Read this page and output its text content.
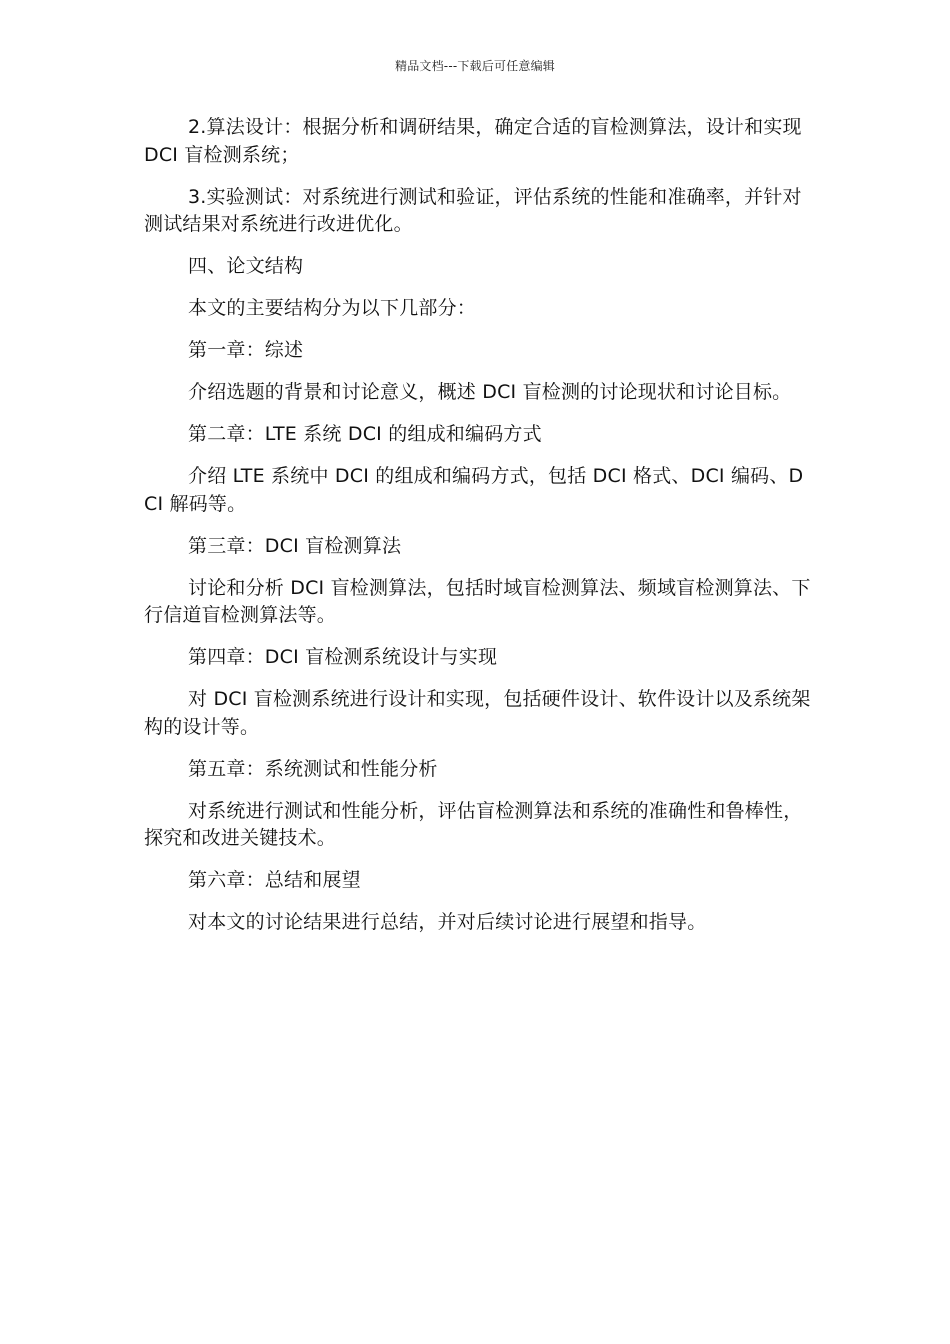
精品文档---下载后可任意编辑

2.算法设计：根据分析和调研结果，确定合适的盲检测算法，设计和实现 DCI 盲检测系统；

3.实验测试：对系统进行测试和验证，评估系统的性能和准确率，并针对测试结果对系统进行改进优化。

四、论文结构

本文的主要结构分为以下几部分：

第一章：综述

介绍选题的背景和讨论意义，概述 DCI 盲检测的讨论现状和讨论目标。

第二章：LTE 系统 DCI 的组成和编码方式

介绍 LTE 系统中 DCI 的组成和编码方式，包括 DCI 格式、DCI 编码、DCI 解码等。

第三章：DCI 盲检测算法

讨论和分析 DCI 盲检测算法，包括时域盲检测算法、频域盲检测算法、下行信道盲检测算法等。

第四章：DCI 盲检测系统设计与实现

对 DCI 盲检测系统进行设计和实现，包括硬件设计、软件设计以及系统架构的设计等。

第五章：系统测试和性能分析

对系统进行测试和性能分析，评估盲检测算法和系统的准确性和鲁棒性，探究和改进关键技术。

第六章：总结和展望

对本文的讨论结果进行总结，并对后续讨论进行展望和指导。
